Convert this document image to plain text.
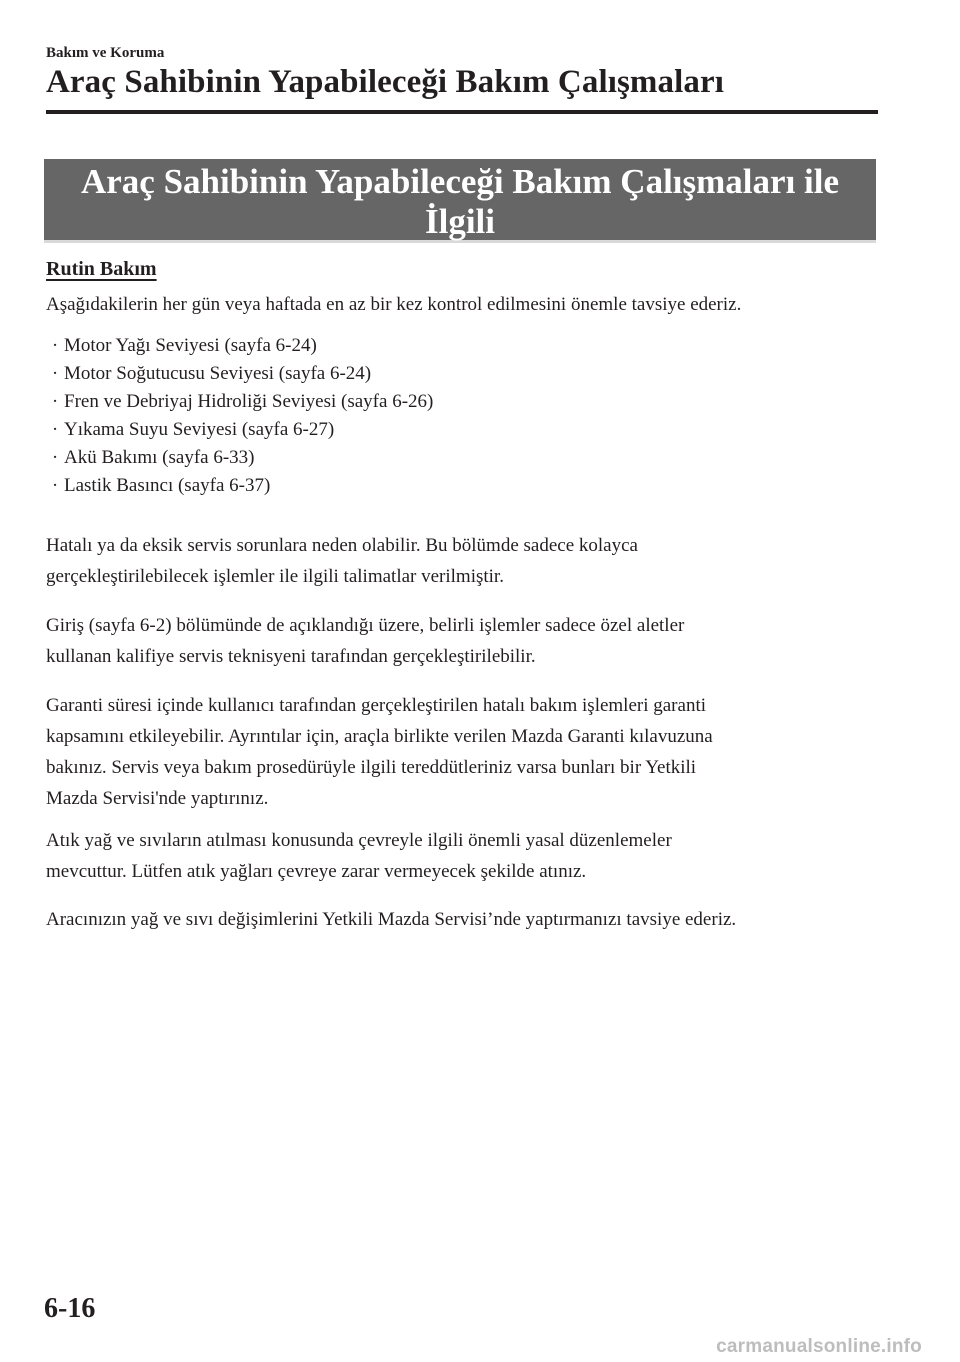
Bakım ve Koruma
Araç Sahibinin Yapabileceği Bakım Çalışmaları
Araç Sahibinin Yapabileceği Bakım Çalışmaları ile İlgili
Uyarılar
Rutin Bakım
Aşağıdakilerin her gün veya haftada en az bir kez kontrol edilmesini önemle tavsiye ederiz.
· Motor Yağı Seviyesi (sayfa 6-24)
· Motor Soğutucusu Seviyesi (sayfa 6-24)
· Fren ve Debriyaj Hidroliği Seviyesi (sayfa 6-26)
· Yıkama Suyu Seviyesi (sayfa 6-27)
· Akü Bakımı (sayfa 6-33)
· Lastik Basıncı (sayfa 6-37)

Hatalı ya da eksik servis sorunlara neden olabilir. Bu bölümde sadece kolayca
gerçekleştirilebilecek işlemler ile ilgili talimatlar verilmiştir.

Giriş (sayfa 6-2) bölümünde de açıklandığı üzere, belirli işlemler sadece özel aletler
kullanan kalifiye servis teknisyeni tarafından gerçekleştirilebilir.

Garanti süresi içinde kullanıcı tarafından gerçekleştirilen hatalı bakım işlemleri garanti
kapsamını etkileyebilir. Ayrıntılar için, araçla birlikte verilen Mazda Garanti kılavuzuna
bakınız. Servis veya bakım prosedürüyle ilgili tereddütleriniz varsa bunları bir Yetkili
Mazda Servisi'nde yaptırınız.

Atık yağ ve sıvıların atılması konusunda çevreyle ilgili önemli yasal düzenlemeler
mevcuttur. Lütfen atık yağları çevreye zarar vermeyecek şekilde atınız.

Aracınızın yağ ve sıvı değişimlerini Yetkili Mazda Servisi’nde yaptırmanızı tavsiye ederiz.

6-16
carmanualsonline.info
